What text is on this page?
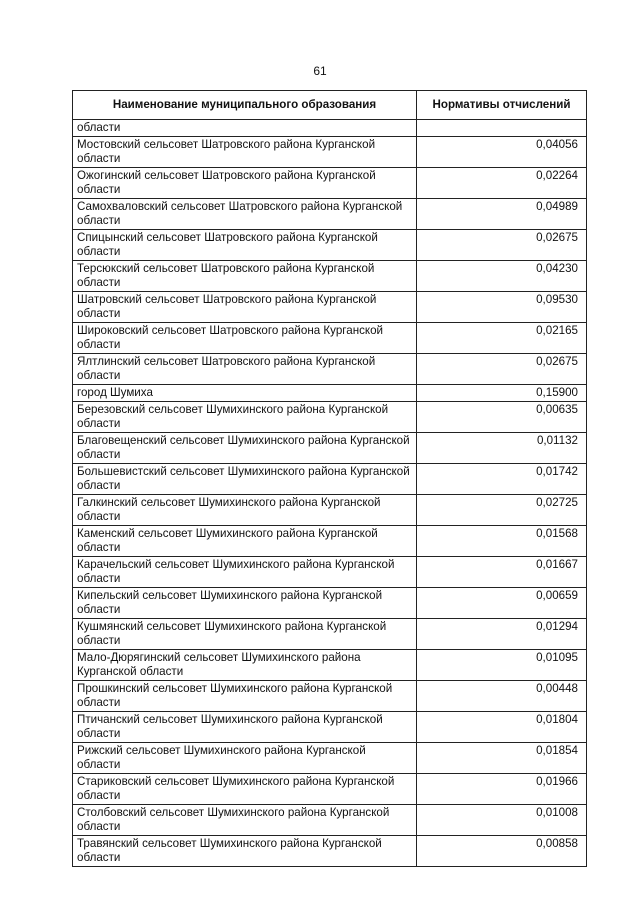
61
Наименование муниципального образования	Нормативы отчислений
области	
Мостовский сельсовет Шатровского района Курганской области	0,04056
Ожогинский сельсовет Шатровского района Курганской области	0,02264
Самохваловский сельсовет Шатровского района Курганской области	0,04989
Спицынский сельсовет Шатровского района Курганской области	0,02675
Терсюкский сельсовет Шатровского района Курганской области	0,04230
Шатровский сельсовет Шатровского района Курганской области	0,09530
Широковский сельсовет Шатровского района Курганской области	0,02165
Ялтлинский сельсовет Шатровского района Курганской области	0,02675
город Шумиха	0,15900
Березовский сельсовет Шумихинского района Курганской области	0,00635
Благовещенский сельсовет Шумихинского района Курганской области	0,01132
Большевистский сельсовет Шумихинского района Курганской области	0,01742
Галкинский сельсовет Шумихинского района Курганской области	0,02725
Каменский сельсовет Шумихинского района Курганской области	0,01568
Карачельский сельсовет Шумихинского района Курганской области	0,01667
Кипельский сельсовет Шумихинского района Курганской области	0,00659
Кушмянский сельсовет Шумихинского района Курганской области	0,01294
Мало-Дюрягинский сельсовет Шумихинского района Курганской области	0,01095
Прошкинский сельсовет Шумихинского района Курганской области	0,00448
Птичанский сельсовет Шумихинского района Курганской области	0,01804
Рижский сельсовет Шумихинского района Курганской области	0,01854
Стариковский сельсовет Шумихинского района Курганской области	0,01966
Столбовский сельсовет Шумихинского района Курганской области	0,01008
Травянский сельсовет Шумихинского района Курганской области	0,00858
